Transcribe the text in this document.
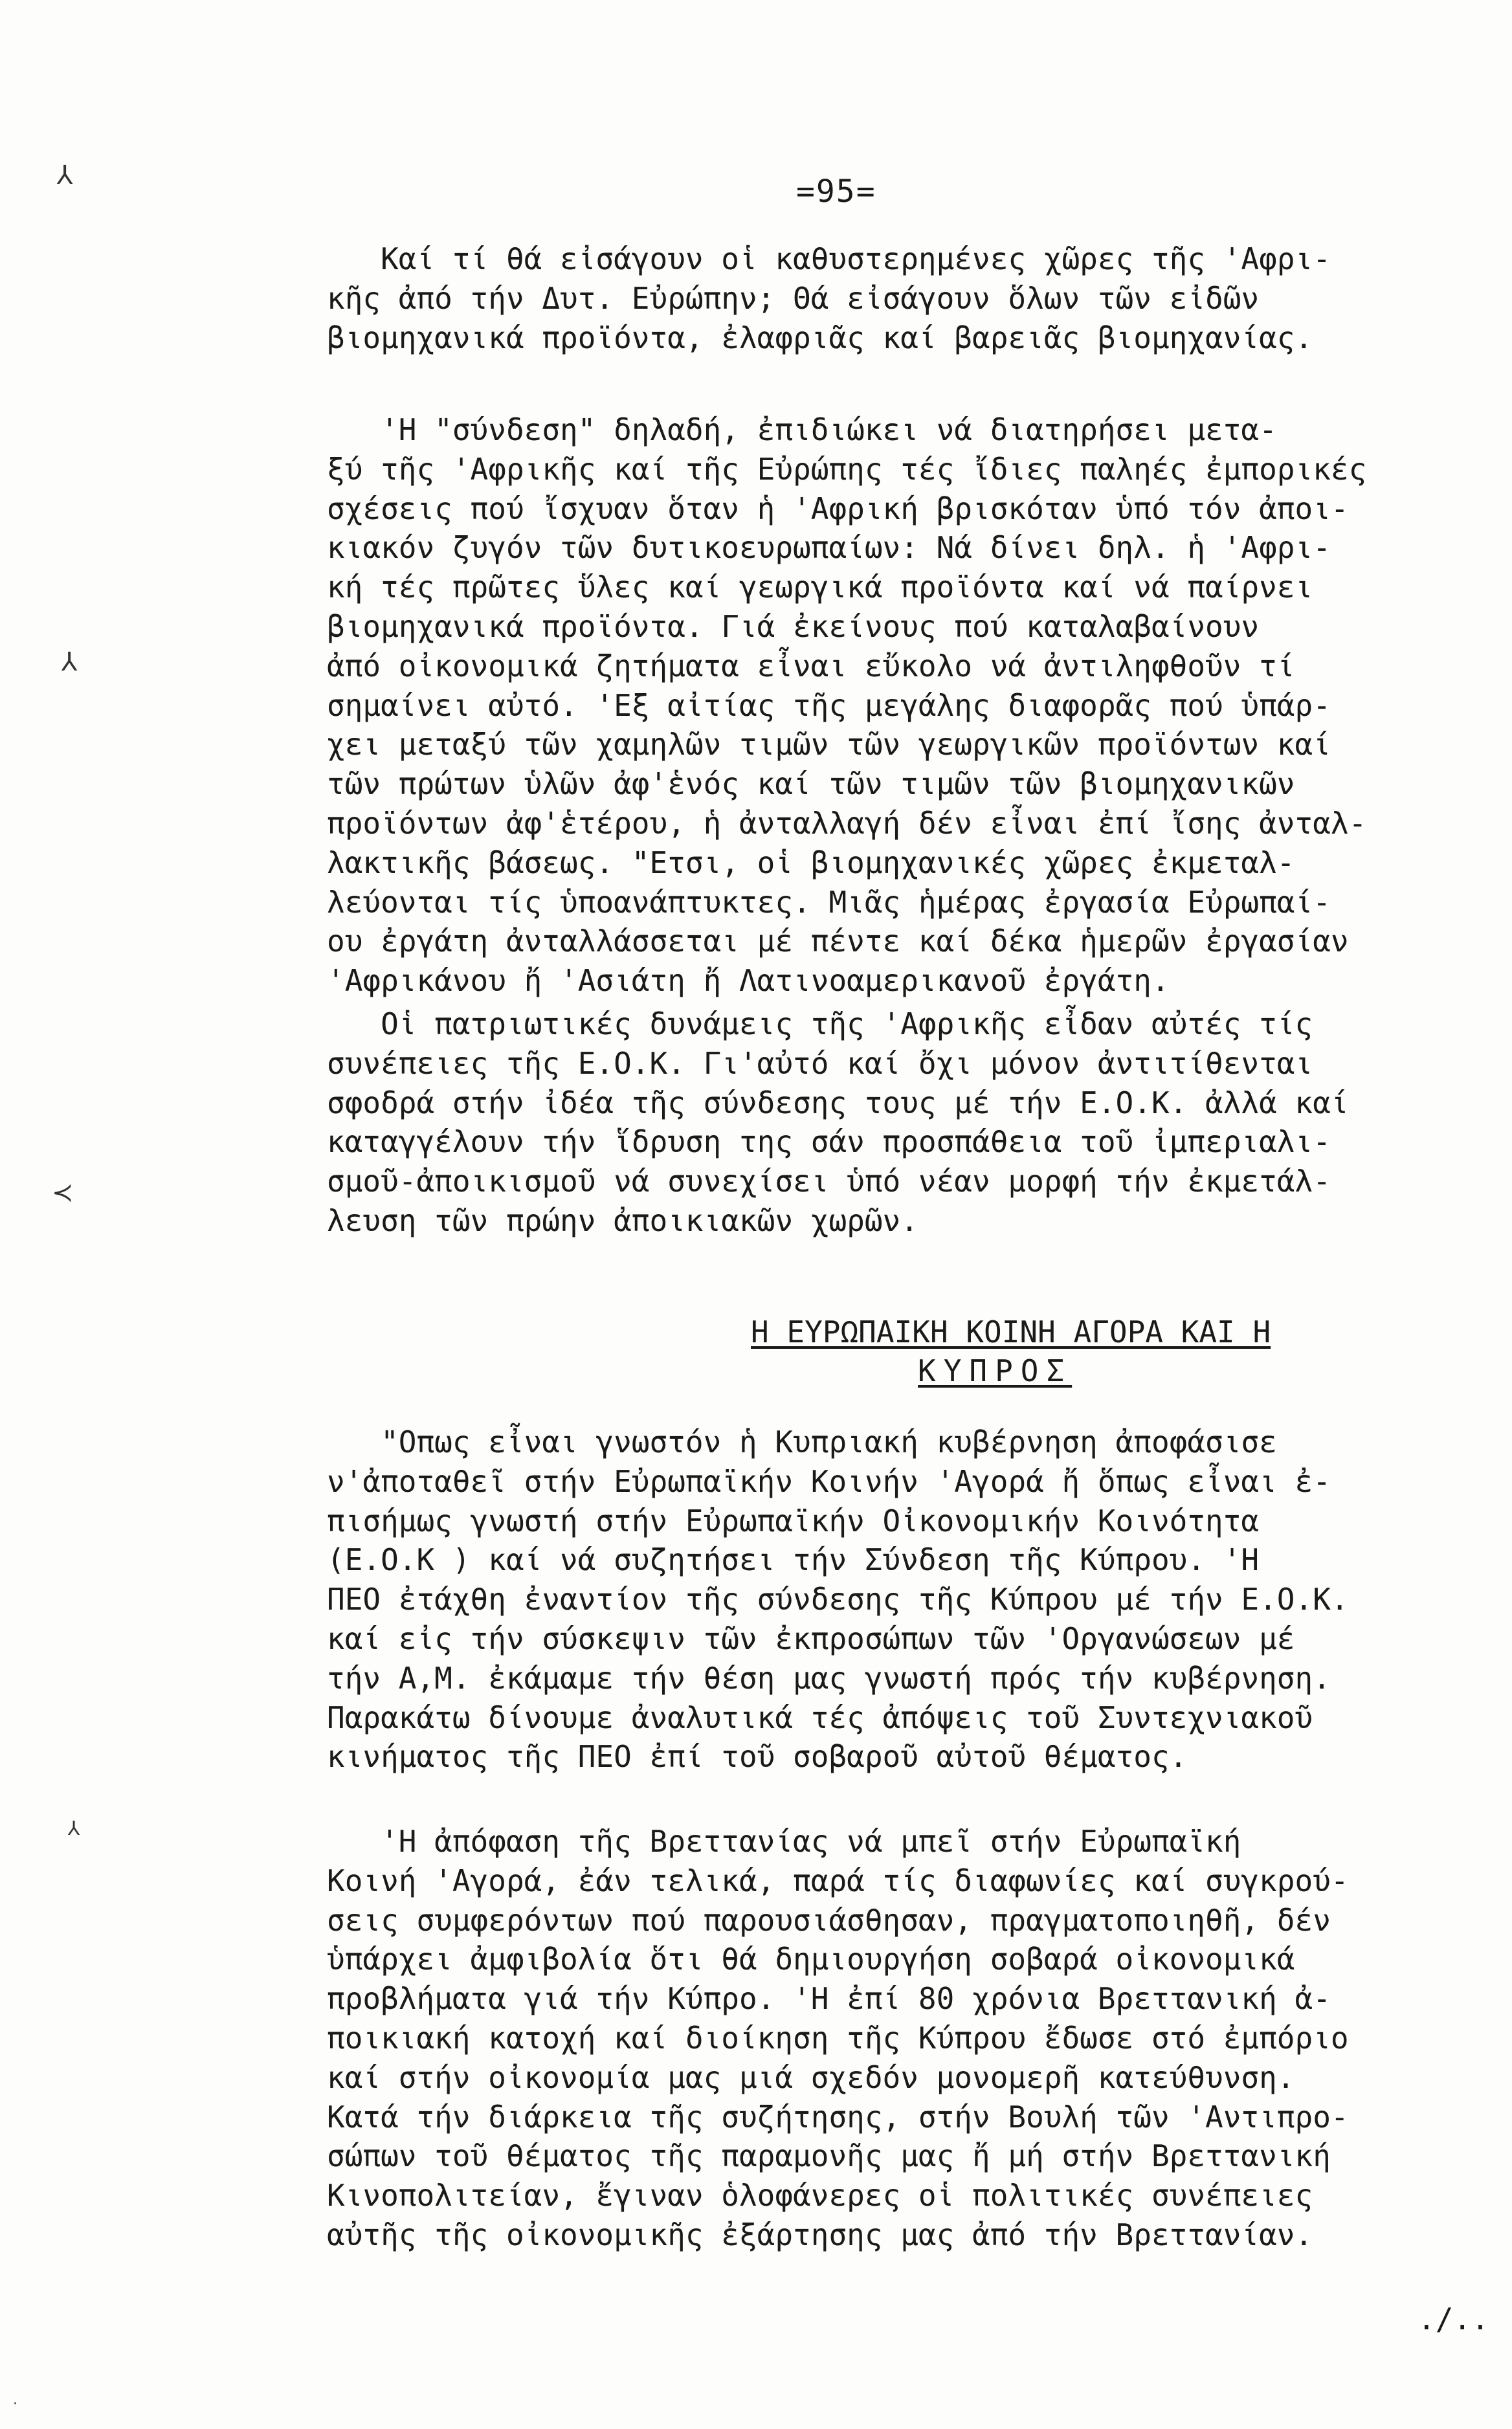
=95=
⅄
⅄
≺
⅄
·

Καί τί θά εἰσάγουν οἱ καθυστερημένες χῶρες τῆς 'Αφρι-
κῆς ἀπό τήν Δυτ. Εὐρώπην; Θά εἰσάγουν ὅλων τῶν εἰδῶν
βιομηχανικά προϊόντα, ἐλαφριᾶς καί βαρειᾶς βιομηχανίας.

'Η "σύνδεση" δηλαδή, ἐπιδιώκει νά διατηρήσει μετα-
ξύ τῆς 'Αφρικῆς καί τῆς Εὐρώπης τές ἴδιες παληές ἐμπορικές
σχέσεις πού ἴσχυαν ὅταν ἡ 'Αφρική βρισκόταν ὑπό τόν ἀποι-
κιακόν ζυγόν τῶν δυτικοευρωπαίων: Νά δίνει δηλ. ἡ 'Αφρι-
κή τές πρῶτες ὕλες καί γεωργικά προϊόντα καί νά παίρνει
βιομηχανικά προϊόντα. Γιά ἐκείνους πού καταλαβαίνουν
ἀπό οἰκονομικά ζητήματα εἶναι εὔκολο νά ἀντιληφθοῦν τί
σημαίνει αὐτό. 'Εξ αἰτίας τῆς μεγάλης διαφορᾶς πού ὑπάρ-
χει μεταξύ τῶν χαμηλῶν τιμῶν τῶν γεωργικῶν προϊόντων καί
τῶν πρώτων ὑλῶν ἀφ'ἑνός καί τῶν τιμῶν τῶν βιομηχανικῶν
προϊόντων ἀφ'ἑτέρου, ἡ ἀνταλλαγή δέν εἶναι ἐπί ἴσης ἀνταλ-
λακτικῆς βάσεως. "Ετσι, οἱ βιομηχανικές χῶρες ἐκμεταλ-
λεύονται τίς ὑποανάπτυκτες. Μιᾶς ἡμέρας ἐργασία Εὐρωπαί-
ου ἐργάτη ἀνταλλάσσεται μέ πέντε καί δέκα ἡμερῶν ἐργασίαν
'Αφρικάνου ἤ 'Ασιάτη ἤ Λατινοαμερικανοῦ ἐργάτη.

Οἱ πατριωτικές δυνάμεις τῆς 'Αφρικῆς εἶδαν αὐτές τίς
συνέπειες τῆς Ε.Ο.Κ. Γι'αὐτό καί ὄχι μόνον ἀντιτίθενται
σφοδρά στήν ἰδέα τῆς σύνδεσης τους μέ τήν Ε.Ο.Κ. ἀλλά καί
καταγγέλουν τήν ἵδρυση της σάν προσπάθεια τοῦ ἰμπεριαλι-
σμοῦ-ἀποικισμοῦ νά συνεχίσει ὑπό νέαν μορφή τήν ἐκμετάλ-
λευση τῶν πρώην ἀποικιακῶν χωρῶν.

Η ΕΥΡΩΠΑΙΚΗ ΚΟΙΝΗ ΑΓΟΡΑ ΚΑΙ Η
ΚΥΠΡΟΣ

"Οπως εἶναι γνωστόν ἡ Κυπριακή κυβέρνηση ἀποφάσισε
ν'ἀποταθεῖ στήν Εὐρωπαϊκήν Κοινήν 'Αγορά ἤ ὅπως εἶναι ἐ-
πισήμως γνωστή στήν Εὐρωπαϊκήν Οἰκονομικήν Κοινότητα
(Ε.Ο.Κ ) καί νά συζητήσει τήν Σύνδεση τῆς Κύπρου. 'Η
ΠΕΟ ἐτάχθη ἐναντίον τῆς σύνδεσης τῆς Κύπρου μέ τήν Ε.Ο.Κ.
καί εἰς τήν σύσκεψιν τῶν ἐκπροσώπων τῶν 'Οργανώσεων μέ
τήν Α,Μ. ἐκάμαμε τήν θέση μας γνωστή πρός τήν κυβέρνηση.
Παρακάτω δίνουμε ἀναλυτικά τές ἀπόψεις τοῦ Συντεχνιακοῦ
κινήματος τῆς ΠΕΟ ἐπί τοῦ σοβαροῦ αὐτοῦ θέματος.

'Η ἀπόφαση τῆς Βρεττανίας νά μπεῖ στήν Εὐρωπαϊκή
Κοινή 'Αγορά, ἐάν τελικά, παρά τίς διαφωνίες καί συγκρού-
σεις συμφερόντων πού παρουσιάσθησαν, πραγματοποιηθῆ, δέν
ὑπάρχει ἀμφιβολία ὅτι θά δημιουργήση σοβαρά οἰκονομικά
προβλήματα γιά τήν Κύπρο. 'Η ἐπί 80 χρόνια Βρεττανική ἀ-
ποικιακή κατοχή καί διοίκηση τῆς Κύπρου ἔδωσε στό ἐμπόριο
καί στήν οἰκονομία μας μιά σχεδόν μονομερῆ κατεύθυνση.
Κατά τήν διάρκεια τῆς συζήτησης, στήν Βουλή τῶν 'Αντιπρο-
σώπων τοῦ θέματος τῆς παραμονῆς μας ἤ μή στήν Βρεττανική
Κινοπολιτείαν, ἔγιναν ὁλοφάνερες οἱ πολιτικές συνέπειες
αὐτῆς τῆς οἰκονομικῆς ἐξάρτησης μας ἀπό τήν Βρεττανίαν.

./..
